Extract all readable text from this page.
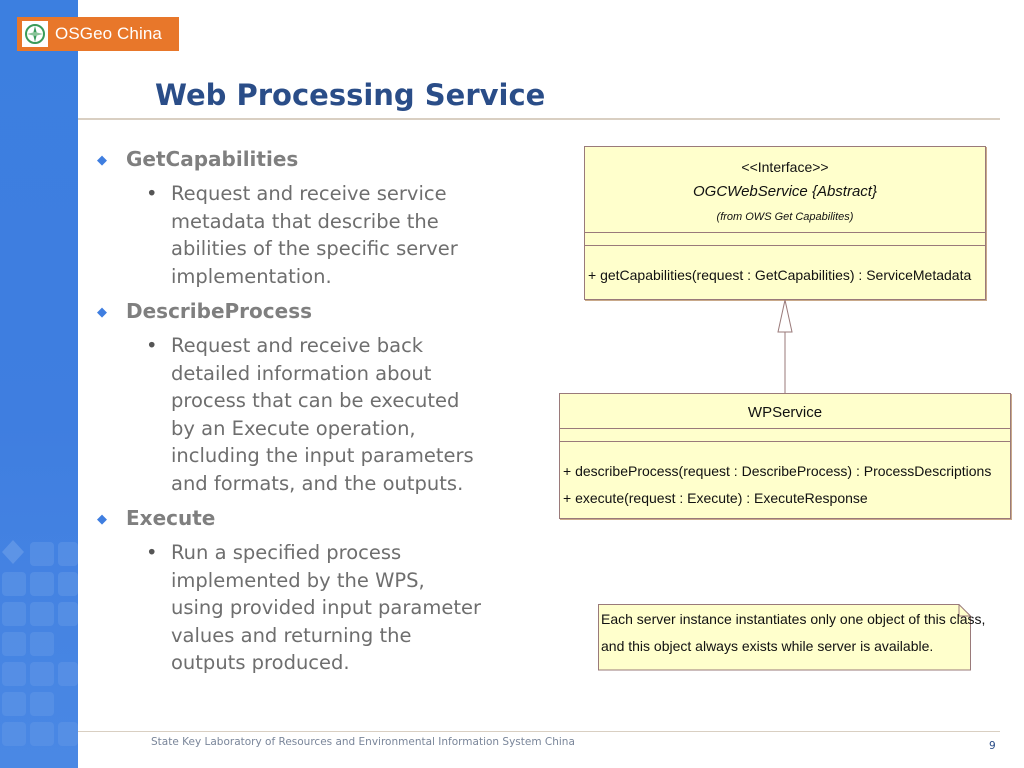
OSGeo China
Web Processing Service
◆ GetCapabilities
• Request and receive service
metadata that describe the
abilities of the specific server
implementation.
◆ DescribeProcess
• Request and receive back
detailed information about
process that can be executed
by an Execute operation,
including the input parameters
and formats, and the outputs.
◆ Execute
• Run a specified process
implemented by the WPS,
using provided input parameter
values and returning the
outputs produced.
<<Interface>>
OGCWebService {Abstract}
(from OWS Get Capabilites)
+ getCapabilities(request : GetCapabilities) : ServiceMetadata
WPService
+ describeProcess(request : DescribeProcess) : ProcessDescriptions
+ execute(request : Execute) : ExecuteResponse
Each server instance instantiates only one object of this class,
and this object always exists while server is available.
State Key Laboratory of Resources and Environmental Information System China	9
